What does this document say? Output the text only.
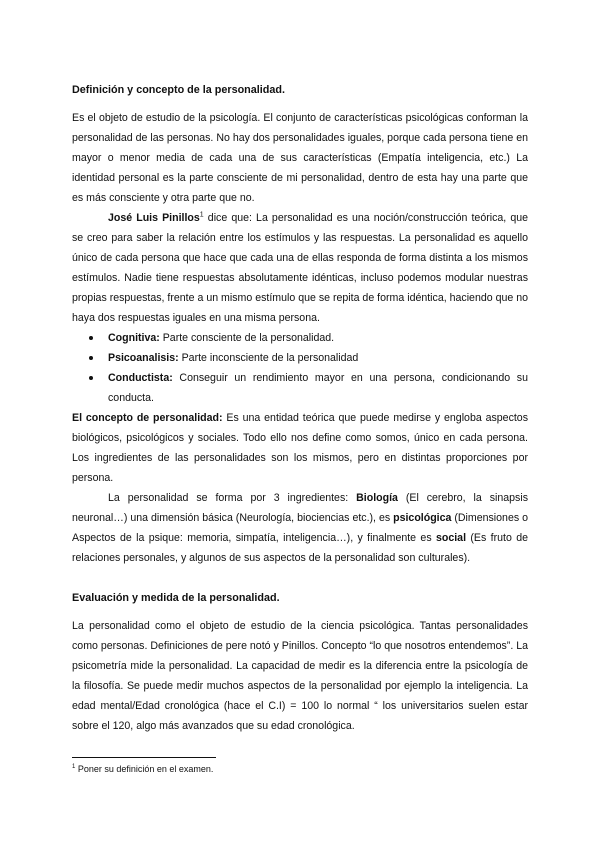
Definición y concepto de la personalidad.

Es el objeto de estudio de la psicología. El conjunto de características psicológicas conforman la personalidad de las personas. No hay dos personalidades iguales, porque cada persona tiene en mayor o menor media de cada una de sus características (Empatía inteligencia, etc.) La identidad personal es la parte consciente de mi personalidad, dentro de esta hay una parte que es más consciente y otra parte que no.

José Luis Pinillos$^1$ dice que: La personalidad es una noción/construcción teórica, que se creo para saber la relación entre los estímulos y las respuestas. La personalidad es aquello único de cada persona que hace que cada una de ellas responda de forma distinta a los mismos estímulos. Nadie tiene respuestas absolutamente idénticas, incluso podemos modular nuestras propias respuestas, frente a un mismo estímulo que se repita de forma idéntica, haciendo que no haya dos respuestas iguales en una misma persona.

Cognitiva: Parte consciente de la personalidad.
Psicoanalisis: Parte inconsciente de la personalidad
Conductista: Conseguir un rendimiento mayor en una persona, condicionando su conducta.

El concepto de personalidad: Es una entidad teórica que puede medirse y engloba aspectos biológicos, psicológicos y sociales. Todo ello nos define como somos, único en cada persona. Los ingredientes de las personalidades son los mismos, pero en distintas proporciones por persona.

La personalidad se forma por 3 ingredientes: Biología (El cerebro, la sinapsis neuronal…) una dimensión básica (Neurología, biociencias etc.), es psicológica (Dimensiones o Aspectos de la psique: memoria, simpatía, inteligencia…), y finalmente es social (Es fruto de relaciones personales, y algunos de sus aspectos de la personalidad son culturales).

Evaluación y medida de la personalidad.

La personalidad como el objeto de estudio de la ciencia psicológica. Tantas personalidades como personas. Definiciones de pere notó y Pinillos. Concepto “lo que nosotros entendemos”. La psicometría mide la personalidad. La capacidad de medir es la diferencia entre la psicología de la filosofía. Se puede medir muchos aspectos de la personalidad por ejemplo la inteligencia. La edad mental/Edad cronológica (hace el C.I) = 100 lo normal “ los universitarios suelen estar sobre el 120, algo más avanzados que su edad cronológica.

$^1$ Poner su definición en el examen.
